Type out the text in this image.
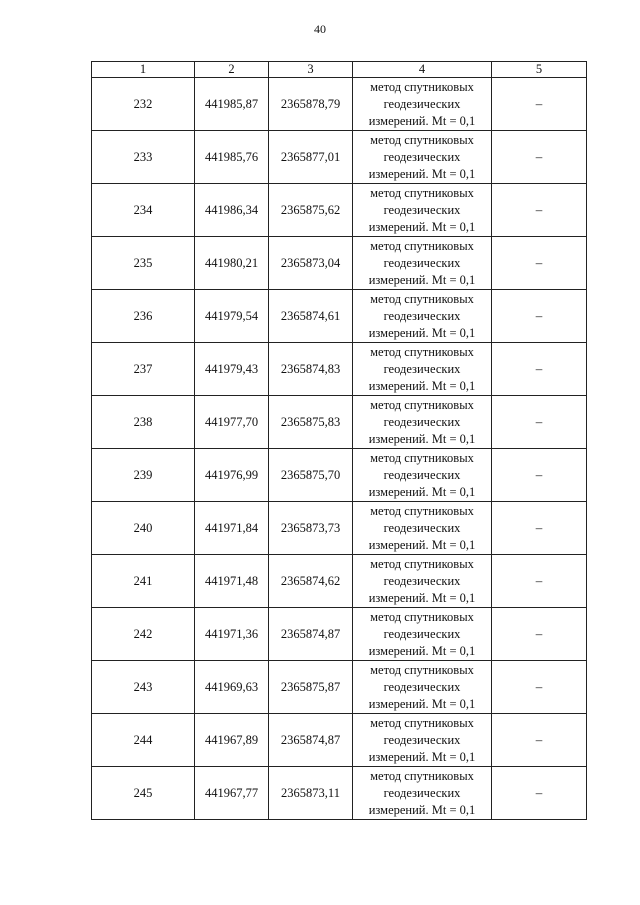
40
1	2	3	4	5
232	441985,87	2365878,79	метод спутниковых
геодезических
измерений. Mt = 0,1	–
233	441985,76	2365877,01	метод спутниковых
геодезических
измерений. Mt = 0,1	–
234	441986,34	2365875,62	метод спутниковых
геодезических
измерений. Mt = 0,1	–
235	441980,21	2365873,04	метод спутниковых
геодезических
измерений. Mt = 0,1	–
236	441979,54	2365874,61	метод спутниковых
геодезических
измерений. Mt = 0,1	–
237	441979,43	2365874,83	метод спутниковых
геодезических
измерений. Mt = 0,1	–
238	441977,70	2365875,83	метод спутниковых
геодезических
измерений. Mt = 0,1	–
239	441976,99	2365875,70	метод спутниковых
геодезических
измерений. Mt = 0,1	–
240	441971,84	2365873,73	метод спутниковых
геодезических
измерений. Mt = 0,1	–
241	441971,48	2365874,62	метод спутниковых
геодезических
измерений. Mt = 0,1	–
242	441971,36	2365874,87	метод спутниковых
геодезических
измерений. Mt = 0,1	–
243	441969,63	2365875,87	метод спутниковых
геодезических
измерений. Mt = 0,1	–
244	441967,89	2365874,87	метод спутниковых
геодезических
измерений. Mt = 0,1	–
245	441967,77	2365873,11	метод спутниковых
геодезических
измерений. Mt = 0,1	–
